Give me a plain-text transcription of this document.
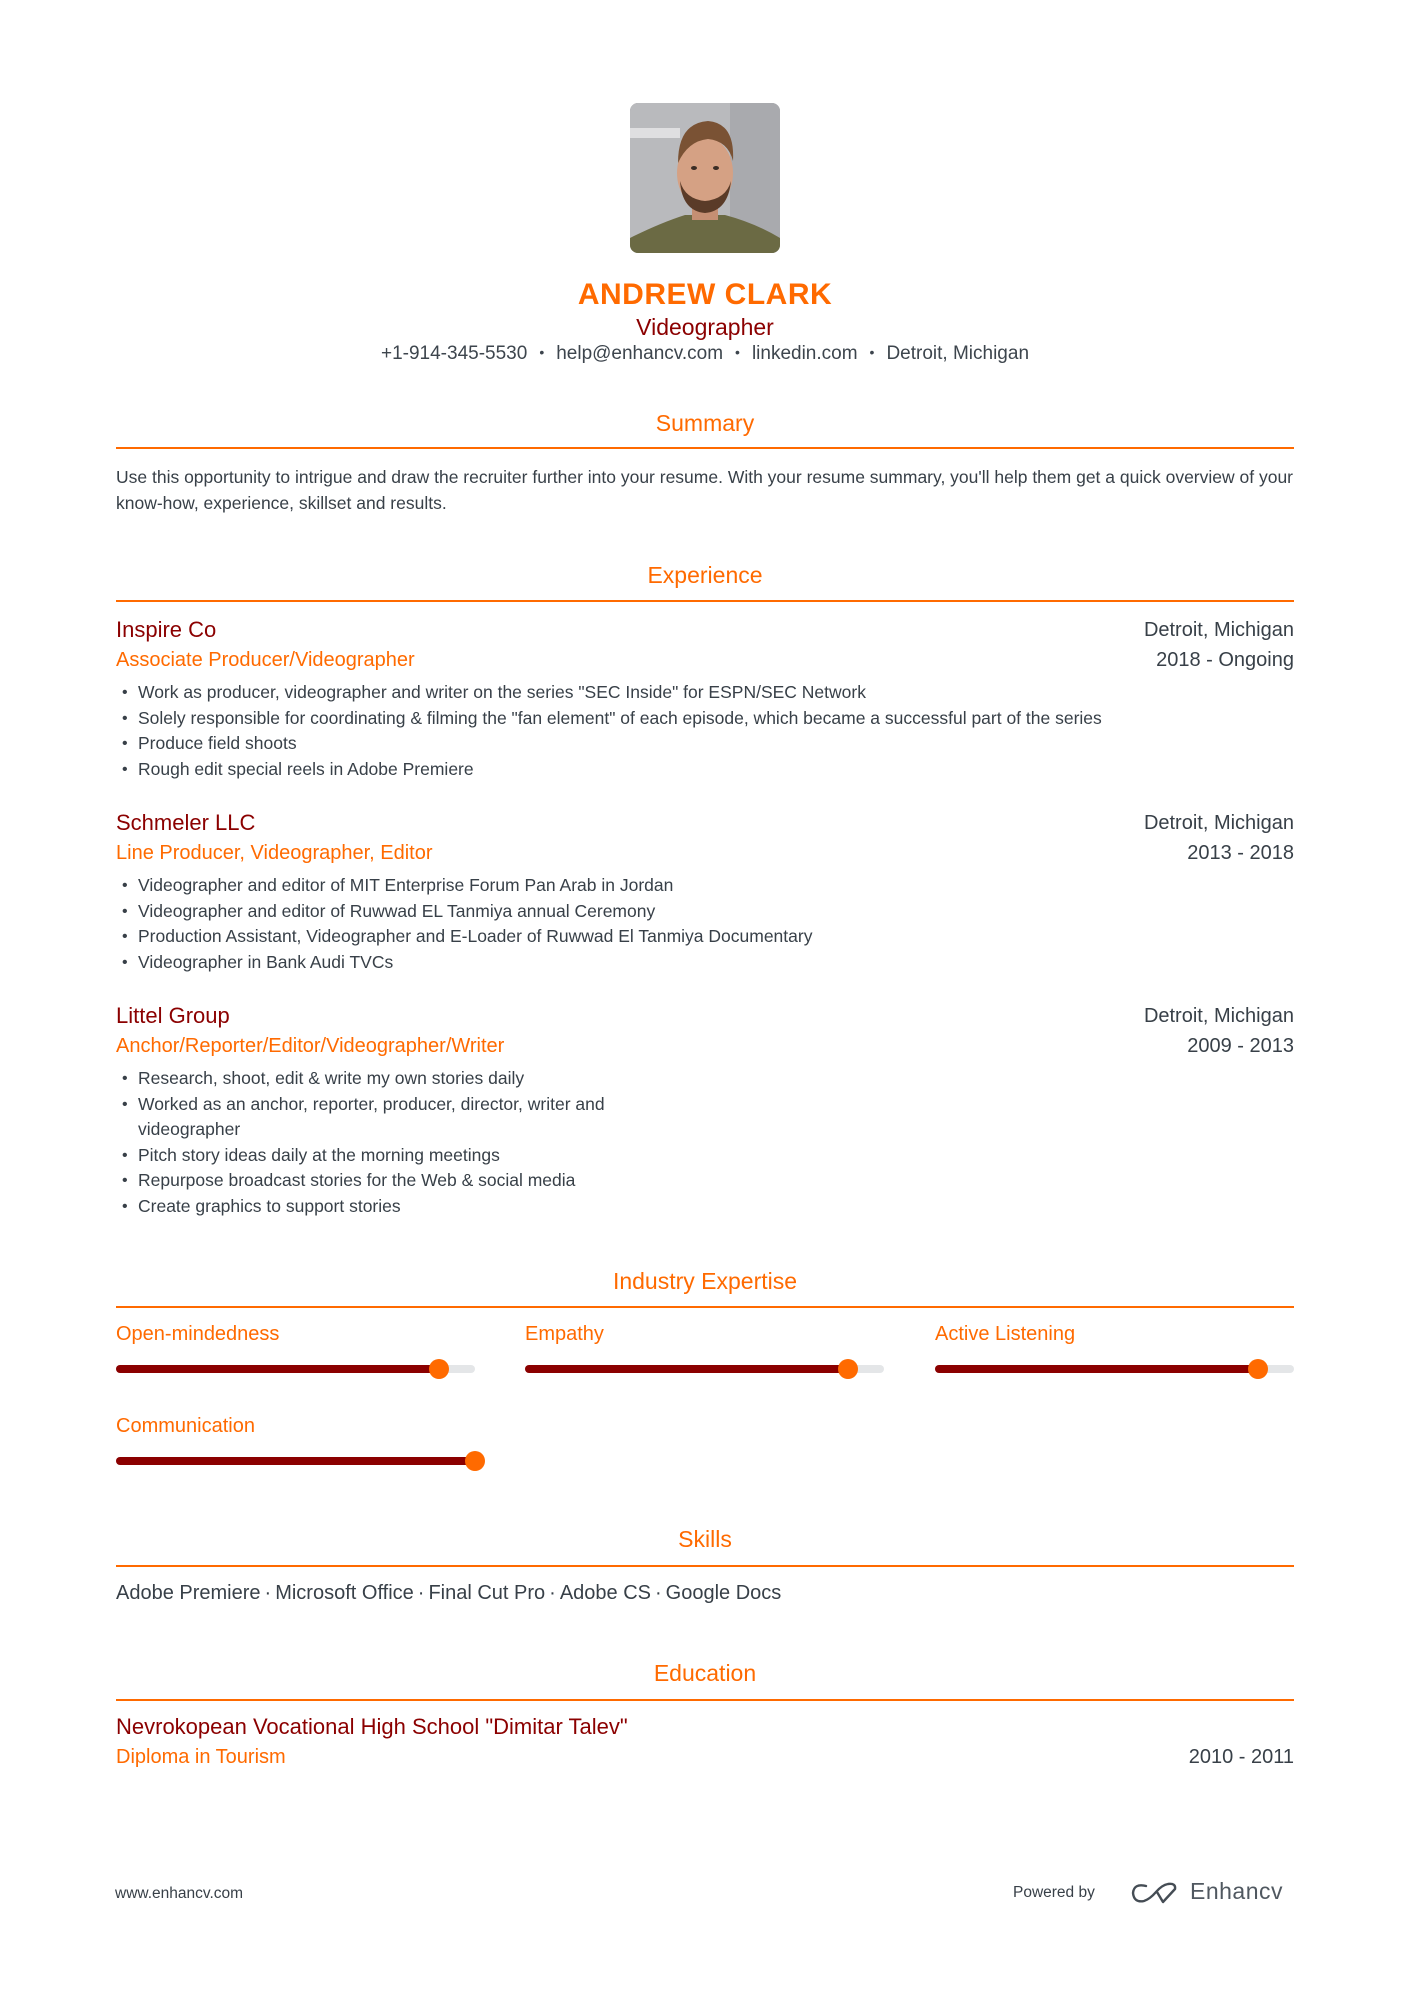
ANDREW CLARK
Videographer
+1-914-345-5530 • help@enhancv.com • linkedin.com • Detroit, Michigan
Summary
Use this opportunity to intrigue and draw the recruiter further into your resume. With your resume summary, you'll help them get a quick overview of your know-how, experience, skillset and results.
Experience
Inspire Co
Associate Producer/Videographer
Detroit, Michigan
2018 - Ongoing
• Work as producer, videographer and writer on the series "SEC Inside" for ESPN/SEC Network
• Solely responsible for coordinating & filming the "fan element" of each episode, which became a successful part of the series
• Produce field shoots
• Rough edit special reels in Adobe Premiere
Schmeler LLC
Line Producer, Videographer, Editor
Detroit, Michigan
2013 - 2018
• Videographer and editor of MIT Enterprise Forum Pan Arab in Jordan
• Videographer and editor of Ruwwad EL Tanmiya annual Ceremony
• Production Assistant, Videographer and E-Loader of Ruwwad El Tanmiya Documentary
• Videographer in Bank Audi TVCs
Littel Group
Anchor/Reporter/Editor/Videographer/Writer
Detroit, Michigan
2009 - 2013
• Research, shoot, edit & write my own stories daily
• Worked as an anchor, reporter, producer, director, writer and videographer
• Pitch story ideas daily at the morning meetings
• Repurpose broadcast stories for the Web & social media
• Create graphics to support stories
Industry Expertise
Open-mindedness	Empathy	Active Listening
Communication
Skills
Adobe Premiere · Microsoft Office · Final Cut Pro · Adobe CS · Google Docs
Education
Nevrokopean Vocational High School "Dimitar Talev"
Diploma in Tourism	2010 - 2011
www.enhancv.com	Powered by	Enhancv
